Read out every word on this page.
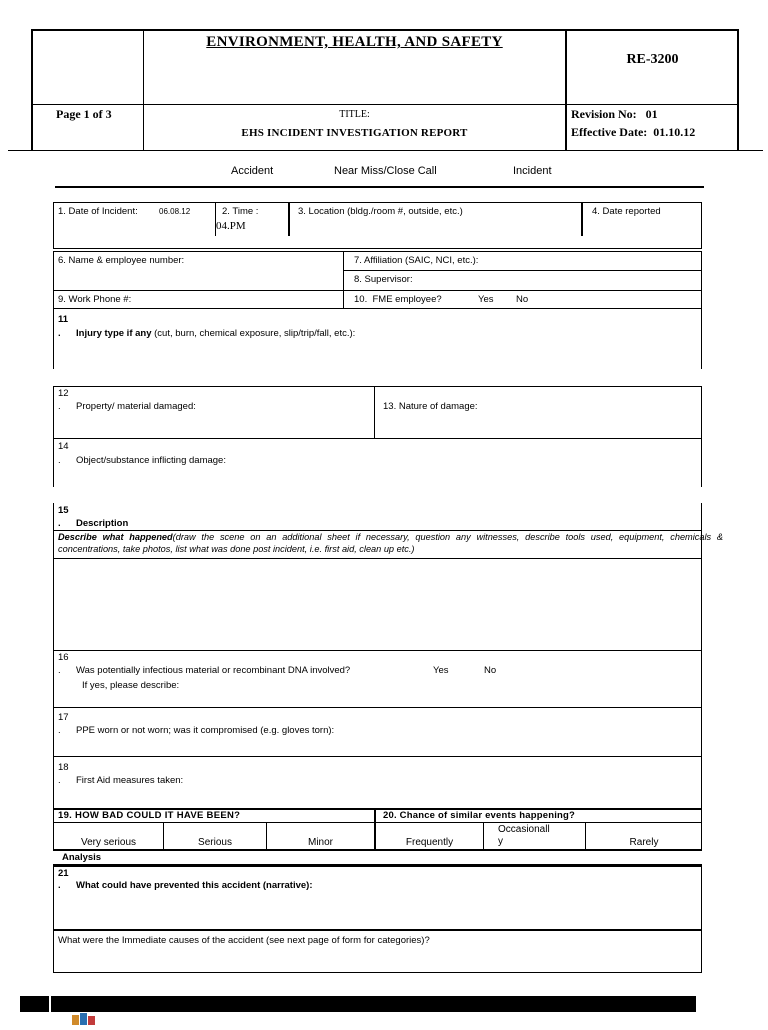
ENVIRONMENT, HEALTH, AND SAFETY
RE-3200
Page 1 of 3	TITLE:
EHS INCIDENT INVESTIGATION REPORT
Revision No:   01
Effective Date:  01.10.12
Accident	Near Miss/Close Call	Incident
1. Date of Incident:	06.08.12	2. Time :
04.PM
3. Location (bldg./room #, outside, etc.)	4. Date reported
6. Name & employee number:	7. Affiliation (SAIC, NCI, etc.):
8. Supervisor:
9. Work Phone #:	10.  FME employee?	Yes No
11
. Injury type if any (cut, burn, chemical exposure, slip/trip/fall, etc.):
12
. Property/ material damaged:	13. Nature of damage:
14
. Object/substance inflicting damage:
15
. Description
Describe what happened(draw the scene on an additional sheet if necessary, question any witnesses, describe tools used, equipment, chemicals & concentrations, take photos, list what was done post incident, i.e. first aid, clean up etc.)
16
. Was potentially infectious material or recombinant DNA involved?	Yes	No
If yes, please describe:
17
. PPE worn or not worn; was it compromised (e.g. gloves torn):
18
. First Aid measures taken:
19. HOW BAD COULD IT HAVE BEEN?	20. Chance of similar events happening?
Very serious	Serious	Minor	Frequently
Occasionall
y	Rarely
Analysis
21
. What could have prevented this accident (narrative):
What were the Immediate causes of the accident (see next page of form for categories)?
